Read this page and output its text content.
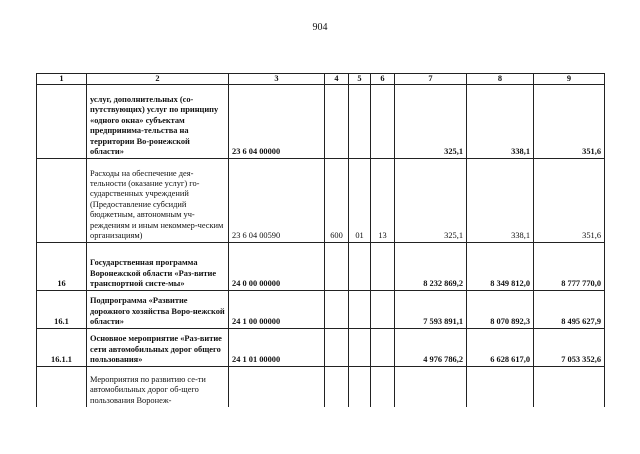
904
1	2	3	4	5	6	7	8	9
	услуг, дополнительных (со-путствующих) услуг по принципу «одного окна» субъектам предпринима-тельства на территории Во-ронежской области»	23 6 04 00000				325,1	338,1	351,6
	Расходы на обеспечение дея-тельности (оказание услуг) го-сударственных учреждений (Предоставление субсидий бюджетным, автономным уч-реждениям и иным некоммер-ческим организациям)	23 6 04 00590	600	01	13	325,1	338,1	351,6
16	Государственная программа Воронежской области «Раз-витие транспортной систе-мы»	24 0 00 00000				8 232 869,2	8 349 812,0	8 777 770,0
16.1	Подпрограмма «Развитие дорожного хозяйства Воро-нежской области»	24 1 00 00000				7 593 891,1	8 070 892,3	8 495 627,9
16.1.1	Основное мероприятие «Раз-витие сети автомобильных дорог общего пользования»	24 1 01 00000				4 976 786,2	6 628 617,0	7 053 352,6
	Мероприятия по развитию се-ти автомобильных дорог об-щего пользования Воронеж-							
